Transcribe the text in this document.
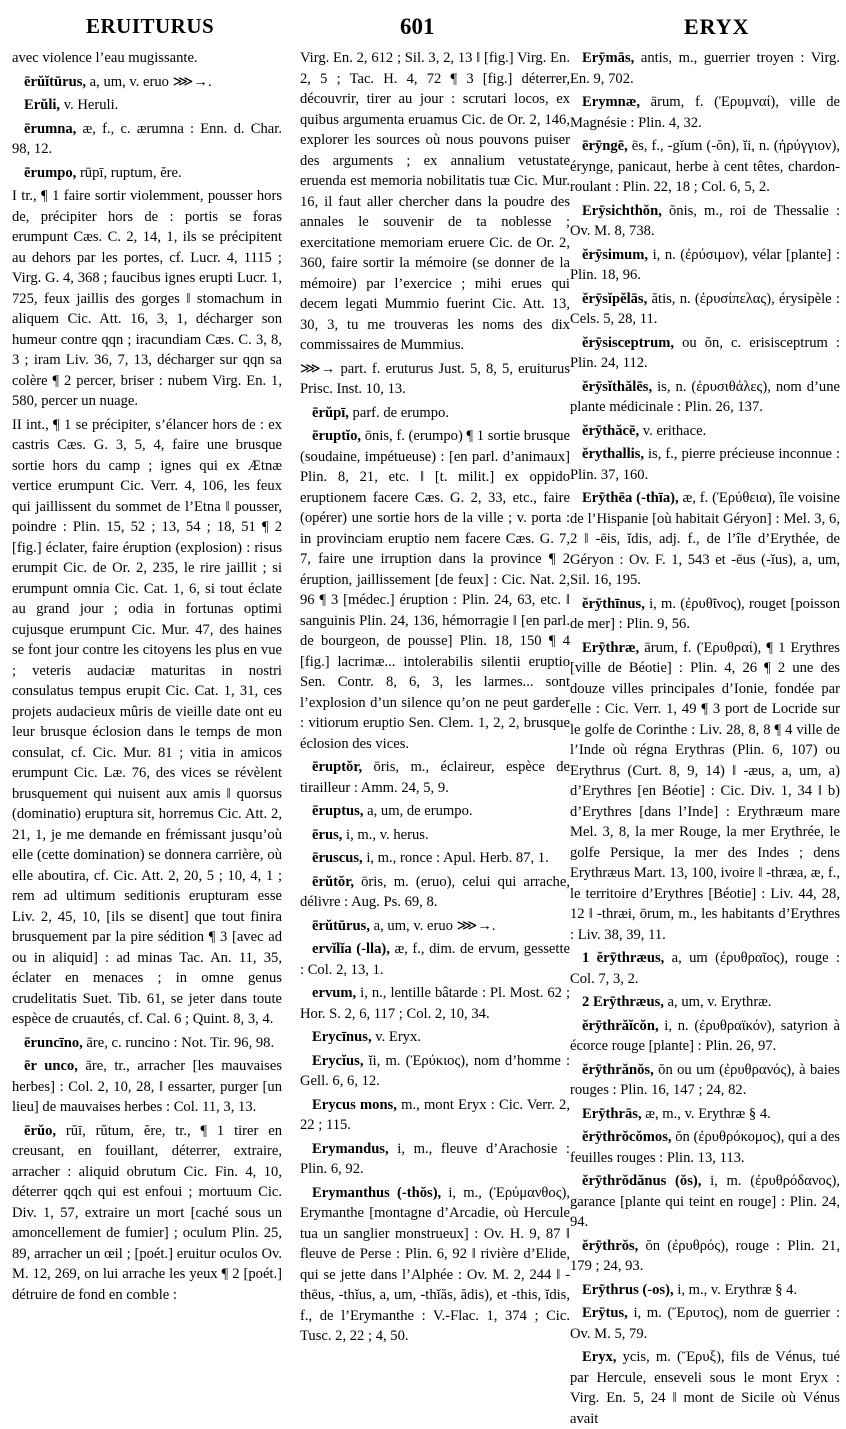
ERUITURUS	601	ERYX

avec violence l’eau mugissante.

ērŭĭtūrus, a, um, v. eruo ⋙→.

Erŭli, v. Heruli.

ērumna, æ, f., c. ærumna : Enn. d. Char. 98, 12.

ērumpo, rūpī, ruptum, ĕre.

I tr., ¶ 1 faire sortir violemment, pousser hors de, précipiter hors de : portis se foras erumpunt Cæs. C. 2, 14, 1, ils se précipitent au dehors par les portes, cf. Lucr. 4, 1115 ; Virg. G. 4, 368 ; faucibus ignes erupti Lucr. 1, 725, feux jaillis des gorges ‖ stomachum in aliquem Cic. Att. 16, 3, 1, décharger son humeur contre qqn ; iracundiam Cæs. C. 3, 8, 3 ; iram Liv. 36, 7, 13, décharger sur qqn sa colère ¶ 2 percer, briser : nubem Virg. En. 1, 580, percer un nuage.

II int., ¶ 1 se précipiter, s’élancer hors de : ex castris Cæs. G. 3, 5, 4, faire une brusque sortie hors du camp ; ignes qui ex Ætnæ vertice erumpunt Cic. Verr. 4, 106, les feux qui jaillissent du sommet de l’Etna ‖ pousser, poindre : Plin. 15, 52 ; 13, 54 ; 18, 51 ¶ 2 [fig.] éclater, faire éruption (explosion) : risus erumpit Cic. de Or. 2, 235, le rire jaillit ; si erumpunt omnia Cic. Cat. 1, 6, si tout éclate au grand jour ; odia in fortunas optimi cujusque erumpunt Cic. Mur. 47, des haines se font jour contre les citoyens les plus en vue ; veteris audaciæ maturitas in nostri consulatus tempus erupit Cic. Cat. 1, 31, ces projets audacieux mûris de vieille date ont eu leur brusque éclosion dans le temps de mon consulat, cf. Cic. Mur. 81 ; vitia in amicos erumpunt Cic. Læ. 76, des vices se révèlent brusquement qui nuisent aux amis ‖ quorsus (dominatio) eruptura sit, horremus Cic. Att. 2, 21, 1, je me demande en frémissant jusqu’où elle (cette domination) se donnera carrière, où elle aboutira, cf. Cic. Att. 2, 20, 5 ; 10, 4, 1 ; rem ad ultimum seditionis erupturam esse Liv. 2, 45, 10, [ils se disent] que tout finira brusquement par la pire sédition ¶ 3 [avec ad ou in aliquid] : ad minas Tac. An. 11, 35, éclater en menaces ; in omne genus crudelitatis Suet. Tib. 61, se jeter dans toute espèce de cruautés, cf. Cal. 6 ; Quint. 8, 3, 4.

ēruncīno, āre, c. runcino : Not. Tir. 96, 98.

ēr unco, āre, tr., arracher [les mauvaises herbes] : Col. 2, 10, 28, ‖ essarter, purger [un lieu] de mauvaises herbes : Col. 11, 3, 13.

ērŭo, rŭī, rŭtum, ĕre, tr., ¶ 1 tirer en creusant, en fouillant, déterrer, extraire, arracher : aliquid obrutum Cic. Fin. 4, 10, déterrer qqch qui est enfoui ; mortuum Cic. Div. 1, 57, extraire un mort [caché sous un amoncellement de fumier] ; oculum Plin. 25, 89, arracher un œil ; [poét.] eruitur oculos Ov. M. 12, 269, on lui arrache les yeux ¶ 2 [poét.] détruire de fond en comble :

Virg. En. 2, 612 ; Sil. 3, 2, 13 ‖ [fig.] Virg. En. 2, 5 ; Tac. H. 4, 72 ¶ 3 [fig.] déterrer, découvrir, tirer au jour : scrutari locos, ex quibus argumenta eruamus Cic. de Or. 2, 146, explorer les sources où nous pouvons puiser des arguments ; ex annalium vetustate eruenda est memoria nobilitatis tuæ Cic. Mur. 16, il faut aller chercher dans la poudre des annales le souvenir de ta noblesse ; exercitatione memoriam eruere Cic. de Or. 2, 360, faire sortir la mémoire (se donner de la mémoire) par l’exercice ; mihi erues qui decem legati Mummio fuerint Cic. Att. 13, 30, 3, tu me trouveras les noms des dix commissaires de Mummius.

⋙→ part. f. eruturus Just. 5, 8, 5, eruiturus Prisc. Inst. 10, 13.

ērŭpī, parf. de erumpo.

ēruptĭo, ōnis, f. (erumpo) ¶ 1 sortie brusque (soudaine, impétueuse) : [en parl. d’animaux] Plin. 8, 21, etc. ‖ [t. milit.] ex oppido eruptionem facere Cæs. G. 2, 33, etc., faire (opérer) une sortie hors de la ville ; v. porta : in provinciam eruptio nem facere Cæs. G. 7, 7, faire une irruption dans la province ¶ 2 éruption, jaillissement [de feux] : Cic. Nat. 2, 96 ¶ 3 [médec.] éruption : Plin. 24, 63, etc. ‖ sanguinis Plin. 24, 136, hémorragie ‖ [en parl. de bourgeon, de pousse] Plin. 18, 150 ¶ 4 [fig.] lacrimæ... intolerabilis silentii eruptio Sen. Contr. 8, 6, 3, les larmes... sont l’explosion d’un silence qu’on ne peut garder : vitiorum eruptio Sen. Clem. 1, 2, 2, brusque éclosion des vices.

ēruptŏr, ōris, m., éclaireur, espèce de tirailleur : Amm. 24, 5, 9.

ēruptus, a, um, de erumpo.

ērus, i, m., v. herus.

ēruscus, i, m., ronce : Apul. Herb. 87, 1.

ērŭtŏr, ōris, m. (eruo), celui qui arrache, délivre : Aug. Ps. 69, 8.

ērŭtūrus, a, um, v. eruo ⋙→.

ervĭlĭa (-lla), æ, f., dim. de ervum, gessette : Col. 2, 13, 1.

ervum, i, n., lentille bâtarde : Pl. Most. 62 ; Hor. S. 2, 6, 117 ; Col. 2, 10, 34.

Erycīnus, v. Eryx.

Erycĭus, ĭi, m. (Ἐρύκιος), nom d’homme : Gell. 6, 6, 12.

Erycus mons, m., mont Eryx : Cic. Verr. 2, 22 ; 115.

Erymandus, i, m., fleuve d’Arachosie : Plin. 6, 92.

Erymanthus (-thŏs), i, m., (Ἐρύμανθος), Erymanthe [montagne d’Arcadie, où Hercule tua un sanglier monstrueux] : Ov. H. 9, 87 ‖ fleuve de Perse : Plin. 6, 92 ‖ rivière d’Elide, qui se jette dans l’Alphée : Ov. M. 2, 244 ‖ -thēus, -thĭus, a, um, -thĭăs, ădis), et -this, ĭdis, f., de l’Erymanthe : V.-Flac. 1, 374 ; Cic. Tusc. 2, 22 ; 4, 50.

Erȳmās, antis, m., guerrier troyen : Virg. En. 9, 702.

Erymnæ, ārum, f. (Ἐρυμναί), ville de Magnésie : Plin. 4, 32.

ērȳngē, ēs, f., -gĭum (-ŏn), ĭi, n. (ἠρύγγιον), érynge, panicaut, herbe à cent têtes, chardon-roulant : Plin. 22, 18 ; Col. 6, 5, 2.

Erȳsichthŏn, ŏnis, m., roi de Thessalie : Ov. M. 8, 738.

ĕrȳsimum, i, n. (ἐρύσιμον), vélar [plante] : Plin. 18, 96.

ĕrȳsĭpĕlās, ătis, n. (ἐρυσίπελας), érysipèle : Cels. 5, 28, 11.

ĕrȳsisceptrum, ou ŏn, c. erisisceptrum : Plin. 24, 112.

ĕrȳsĭthălēs, is, n. (ἐρυσιθάλες), nom d’une plante médicinale : Plin. 26, 137.

ĕrȳthăcē, v. erithace.

ĕrythallis, is, f., pierre précieuse inconnue : Plin. 37, 160.

Erȳthēa (-thīa), æ, f. (Ἐρύθεια), île voisine de l’Hispanie [où habitait Géryon] : Mel. 3, 6, 2 ‖ -ēis, ĭdis, adj. f., de l’île d’Erythée, de Géryon : Ov. F. 1, 543 et -ēus (-ĭus), a, um, Sil. 16, 195.

ĕrȳthīnus, i, m. (ἐρυθῖνος), rouget [poisson de mer] : Plin. 9, 56.

Erȳthræ, ārum, f. (Ἐρυθραί), ¶ 1 Erythres [ville de Béotie] : Plin. 4, 26 ¶ 2 une des douze villes principales d’Ionie, fondée par elle : Cic. Verr. 1, 49 ¶ 3 port de Locride sur le golfe de Corinthe : Liv. 28, 8, 8 ¶ 4 ville de l’Inde où régna Erythras (Plin. 6, 107) ou Erythrus (Curt. 8, 9, 14) ‖ -æus, a, um, a) d’Erythres [en Béotie] : Cic. Div. 1, 34 ‖ b) d’Erythres [dans l’Inde] : Erythræum mare Mel. 3, 8, la mer Rouge, la mer Erythrée, le golfe Persique, la mer des Indes ; dens Erythræus Mart. 13, 100, ivoire ‖ -thræa, æ, f., le territoire d’Erythres [Béotie] : Liv. 44, 28, 12 ‖ -thræi, ōrum, m., les habitants d’Erythres : Liv. 38, 39, 11.

1 ĕrȳthræus, a, um (ἐρυθραῖος), rouge : Col. 7, 3, 2.

2 Erȳthræus, a, um, v. Erythræ.

ĕrȳthrăĭcŏn, i, n. (ἐρυθραϊκόν), satyrion à écorce rouge [plante] : Plin. 26, 97.

ĕrȳthrănŏs, ŏn ou um (ἐρυθρανός), à baies rouges : Plin. 16, 147 ; 24, 82.

Erȳthrās, æ, m., v. Erythræ § 4.

ĕrȳthrŏcŏmos, ŏn (ἐρυθρόκομος), qui a des feuilles rouges : Plin. 13, 113.

ĕrȳthrŏdănus (ŏs), i, m. (ἐρυθρόδανος), garance [plante qui teint en rouge] : Plin. 24, 94.

ĕrȳthrŏs, ŏn (ἐρυθρός), rouge : Plin. 21, 179 ; 24, 93.

Erȳthrus (-os), i, m., v. Erythræ § 4.

Erȳtus, i, m. (Ἔρυτος), nom de guerrier : Ov. M. 5, 79.

Eryx, ycis, m. (Ἔρυξ), fils de Vénus, tué par Hercule, enseveli sous le mont Eryx : Virg. En. 5, 24 ‖ mont de Sicile où Vénus avait
